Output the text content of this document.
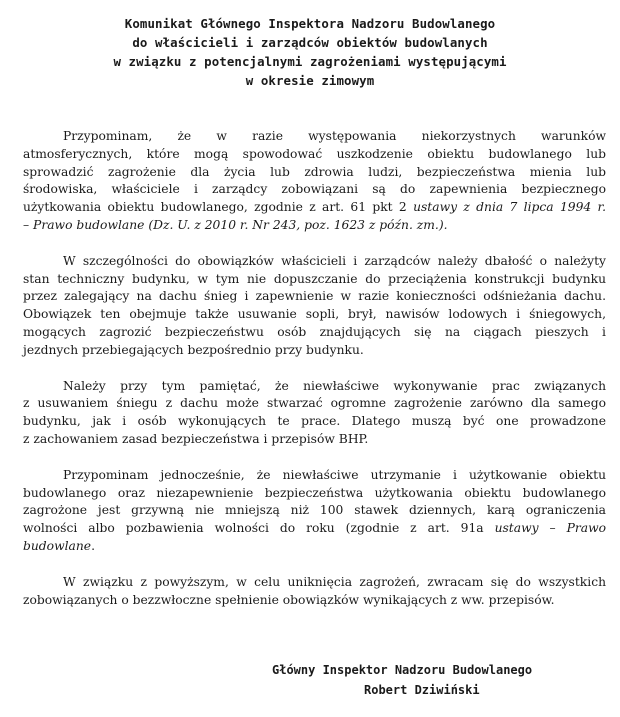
Komunikat Głównego Inspektora Nadzoru Budowlanego
do właścicieli i zarządców obiektów budowlanych
w związku z potencjalnymi zagrożeniami występującymi
w okresie zimowym

Przypominam, że w razie występowania niekorzystnych warunków
atmosferycznych, które mogą spowodować uszkodzenie obiektu budowlanego lub
sprowadzić zagrożenie dla życia lub zdrowia ludzi, bezpieczeństwa mienia lub
środowiska, właściciele i zarządcy zobowiązani są do zapewnienia bezpiecznego
użytkowania obiektu budowlanego, zgodnie z art. 61 pkt 2 ustawy z dnia 7 lipca 1994 r.
– Prawo budowlane (Dz. U. z 2010 r. Nr 243, poz. 1623 z późn. zm.).

W szczególności do obowiązków właścicieli i zarządców należy dbałość o należyty
stan techniczny budynku, w tym nie dopuszczanie do przeciążenia konstrukcji budynku
przez zalegający na dachu śnieg i zapewnienie w razie konieczności odśnieżania dachu.
Obowiązek ten obejmuje także usuwanie sopli, brył, nawisów lodowych i śniegowych,
mogących zagrozić bezpieczeństwu osób znajdujących się na ciągach pieszych i
jezdnych przebiegających bezpośrednio przy budynku.

Należy przy tym pamiętać, że niewłaściwe wykonywanie prac związanych
z usuwaniem śniegu z dachu może stwarzać ogromne zagrożenie zarówno dla samego
budynku, jak i osób wykonujących te prace. Dlatego muszą być one prowadzone
z zachowaniem zasad bezpieczeństwa i przepisów BHP.

Przypominam jednocześnie, że niewłaściwe utrzymanie i użytkowanie obiektu
budowlanego oraz niezapewnienie bezpieczeństwa użytkowania obiektu budowlanego
zagrożone jest grzywną nie mniejszą niż 100 stawek dziennych, karą ograniczenia
wolności albo pozbawienia wolności do roku (zgodnie z art. 91a ustawy – Prawo
budowlane.

W związku z powyższym, w celu uniknięcia zagrożeń, zwracam się do wszystkich
zobowiązanych o bezzwłoczne spełnienie obowiązków wynikających z ww. przepisów.

Główny Inspektor Nadzoru Budowlanego
Robert Dziwiński
